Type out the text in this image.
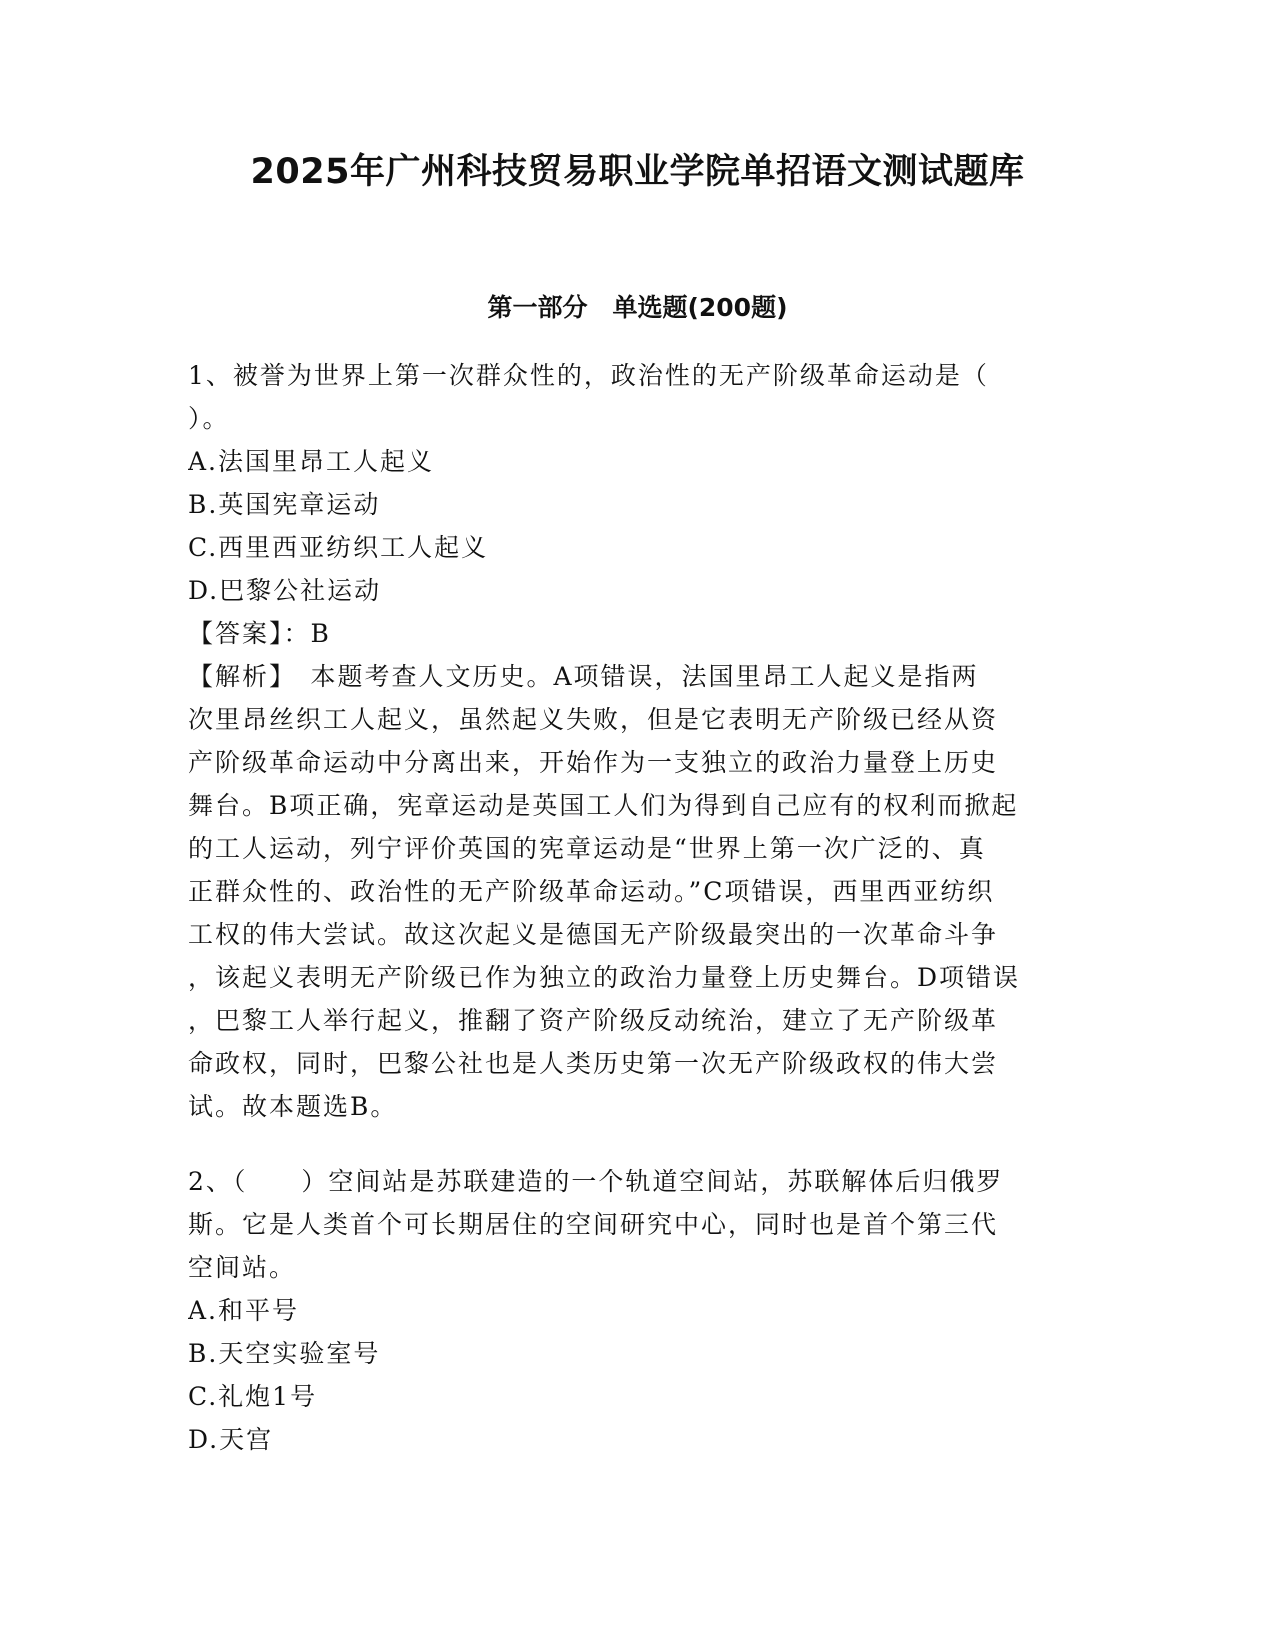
2025年广州科技贸易职业学院单招语文测试题库
第一部分　单选题(200题)
1、被誉为世界上第一次群众性的，政治性的无产阶级革命运动是（
）。
A.法国里昂工人起义
B.英国宪章运动
C.西里西亚纺织工人起义
D.巴黎公社运动
【答案】：B
【解析】　本题考查人文历史。A项错误，法国里昂工人起义是指两
次里昂丝织工人起义，虽然起义失败，但是它表明无产阶级已经从资
产阶级革命运动中分离出来，开始作为一支独立的政治力量登上历史
舞台。B项正确，宪章运动是英国工人们为得到自己应有的权利而掀起
的工人运动，列宁评价英国的宪章运动是“世界上第一次广泛的、真
正群众性的、政治性的无产阶级革命运动。”C项错误，西里西亚纺织
工权的伟大尝试。故这次起义是德国无产阶级最突出的一次革命斗争
，该起义表明无产阶级已作为独立的政治力量登上历史舞台。D项错误
，巴黎工人举行起义，推翻了资产阶级反动统治，建立了无产阶级革
命政权，同时，巴黎公社也是人类历史第一次无产阶级政权的伟大尝
试。故本题选B。
2、（　　）空间站是苏联建造的一个轨道空间站，苏联解体后归俄罗
斯。它是人类首个可长期居住的空间研究中心，同时也是首个第三代
空间站。
A.和平号
B.天空实验室号
C.礼炮1号
D.天宫
